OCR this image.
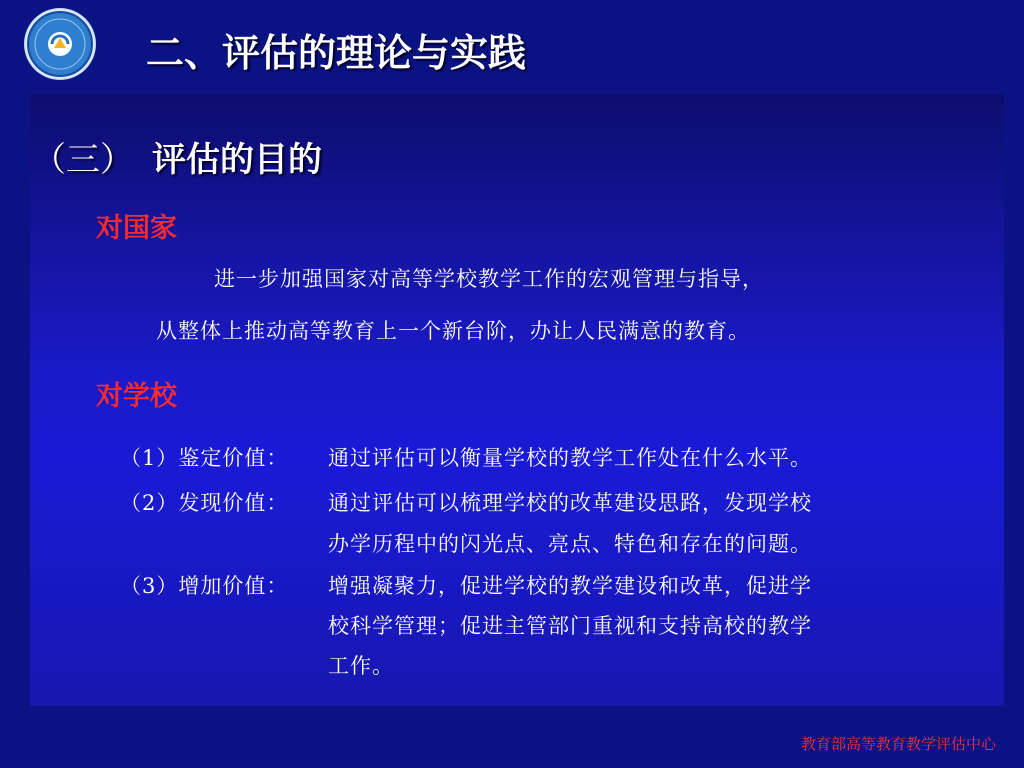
二、评估的理论与实践
（三） 评估的目的
对国家
进一步加强国家对高等学校教学工作的宏观管理与指导，
从整体上推动高等教育上一个新台阶，办让人民满意的教育。
对学校
（1）鉴定价值： 通过评估可以衡量学校的教学工作处在什么水平。
（2）发现价值： 通过评估可以梳理学校的改革建设思路，发现学校
办学历程中的闪光点、亮点、特色和存在的问题。
（3）增加价值： 增强凝聚力，促进学校的教学建设和改革，促进学
校科学管理；促进主管部门重视和支持高校的教学
工作。
教育部高等教育教学评估中心
